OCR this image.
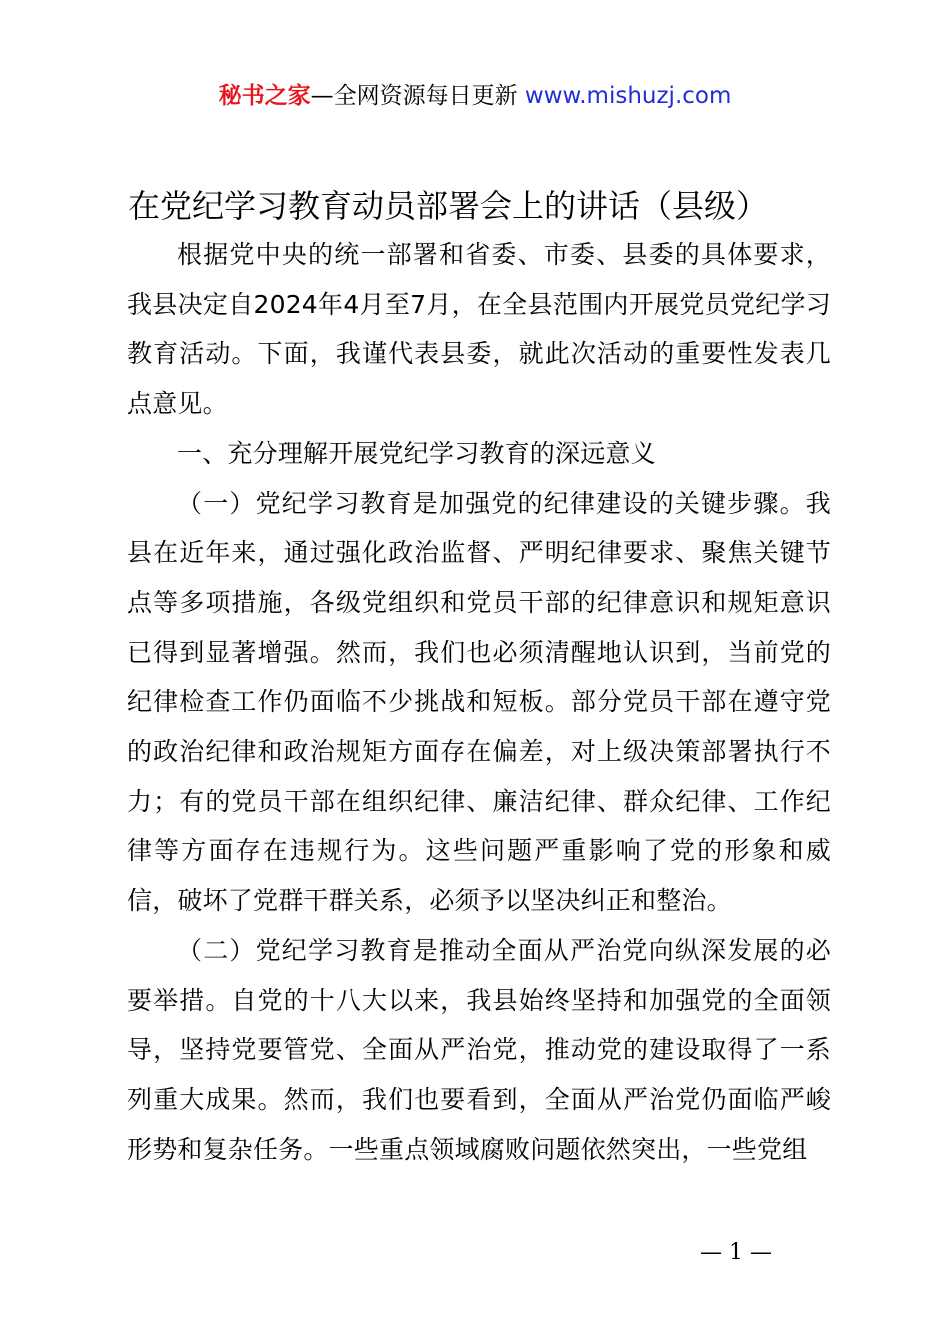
秘书之家—全网资源每日更新 www.mishuzj.com
在党纪学习教育动员部署会上的讲话（县级）

根据党中央的统一部署和省委、市委、县委的具体要求，我县决定自2024年4月至7月，在全县范围内开展党员党纪学习教育活动。下面，我谨代表县委，就此次活动的重要性发表几点意见。

一、充分理解开展党纪学习教育的深远意义

（一）党纪学习教育是加强党的纪律建设的关键步骤。我县在近年来，通过强化政治监督、严明纪律要求、聚焦关键节点等多项措施，各级党组织和党员干部的纪律意识和规矩意识已得到显著增强。然而，我们也必须清醒地认识到，当前党的纪律检查工作仍面临不少挑战和短板。部分党员干部在遵守党的政治纪律和政治规矩方面存在偏差，对上级决策部署执行不力；有的党员干部在组织纪律、廉洁纪律、群众纪律、工作纪律等方面存在违规行为。这些问题严重影响了党的形象和威信，破坏了党群干群关系，必须予以坚决纠正和整治。

（二）党纪学习教育是推动全面从严治党向纵深发展的必要举措。自党的十八大以来，我县始终坚持和加强党的全面领导，坚持党要管党、全面从严治党，推动党的建设取得了一系列重大成果。然而，我们也要看到，全面从严治党仍面临严峻形势和复杂任务。一些重点领域腐败问题依然突出，一些党组

— 1 —
